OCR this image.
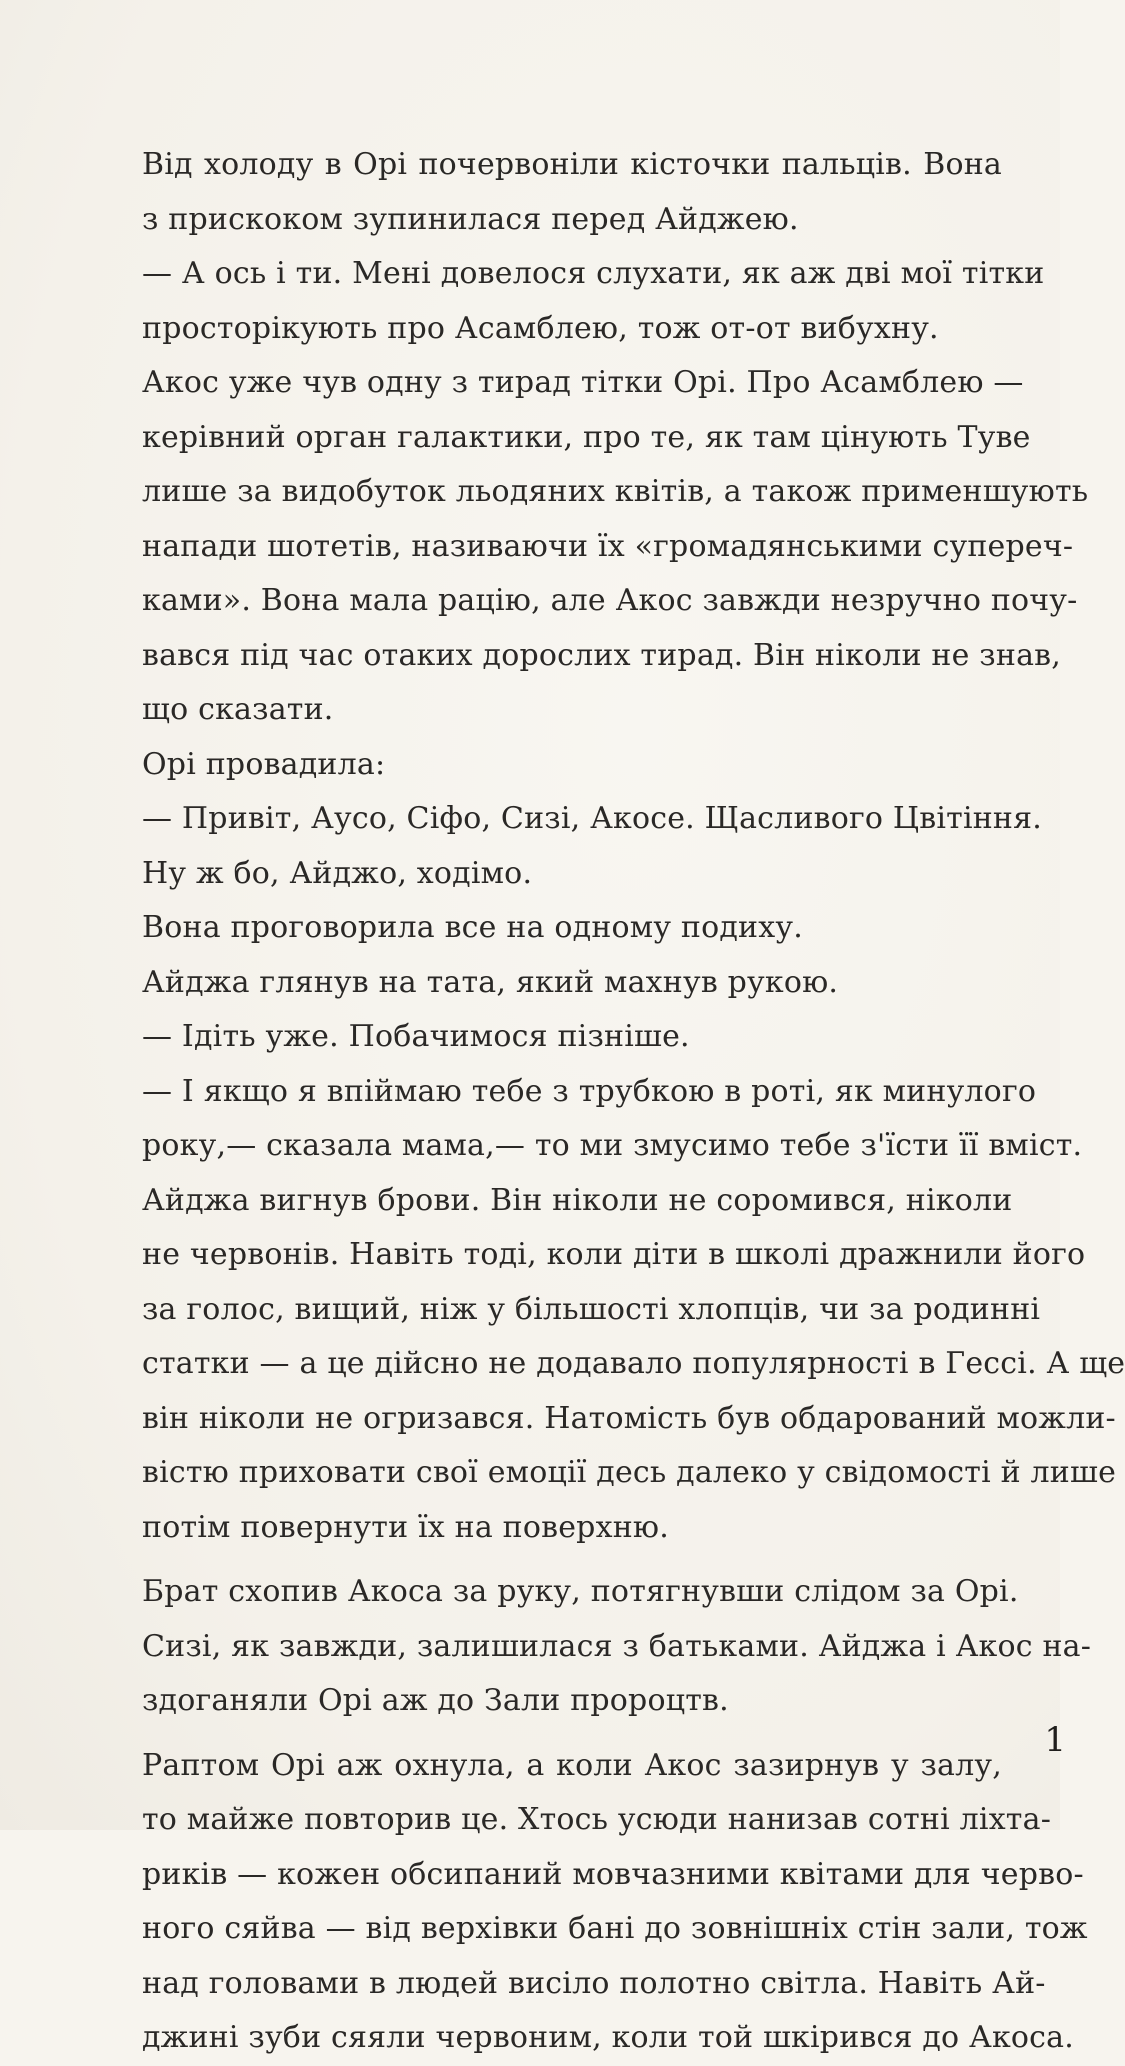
Від холоду в Орі почервоніли кісточки пальців. Вона
з прискоком зупинилася перед Айджею.
— А ось і ти. Мені довелося слухати, як аж дві мої тітки
просторікують про Асамблею, тож от-от вибухну.
Акос уже чув одну з тирад тітки Орі. Про Асамблею —
керівний орган галактики, про те, як там цінують Туве
лише за видобуток льодяних квітів, а також применшують
напади шотетів, називаючи їх «громадянськими супереч-
ками». Вона мала рацію, але Акос завжди незручно почу-
вався під час отаких дорослих тирад. Він ніколи не знав,
що сказати.
Орі провадила:
— Привіт, Аусо, Сіфо, Сизі, Акосе. Щасливого Цвітіння.
Ну ж бо, Айджо, ходімо.
Вона проговорила все на одному подиху.
Айджа глянув на тата, який махнув рукою.
— Ідіть уже. Побачимося пізніше.
— І якщо я впіймаю тебе з трубкою в роті, як минулого
року,— сказала мама,— то ми змусимо тебе з'їсти її вміст.
Айджа вигнув брови. Він ніколи не соромився, ніколи
не червонів. Навіть тоді, коли діти в школі дражнили його
за голос, вищий, ніж у більшості хлопців, чи за родинні
статки — а це дійсно не додавало популярності в Гессі. А ще
він ніколи не огризався. Натомість був обдарований можли-
вістю приховати свої емоції десь далеко у свідомості й лише
потім повернути їх на поверхню.
Брат схопив Акоса за руку, потягнувши слідом за Орі.
Сизі, як завжди, залишилася з батьками. Айджа і Акос на-
здоганяли Орі аж до Зали пророцтв.
Раптом Орі аж охнула, а коли Акос зазирнув у залу,
то майже повторив це. Хтось усюди нанизав сотні ліхта-
риків — кожен обсипаний мовчазними квітами для черво-
ного сяйва — від верхівки бані до зовнішніх стін зали, тож
над головами в людей висіло полотно світла. Навіть Ай-
джині зуби сяяли червоним, коли той шкірився до Акоса.
1
